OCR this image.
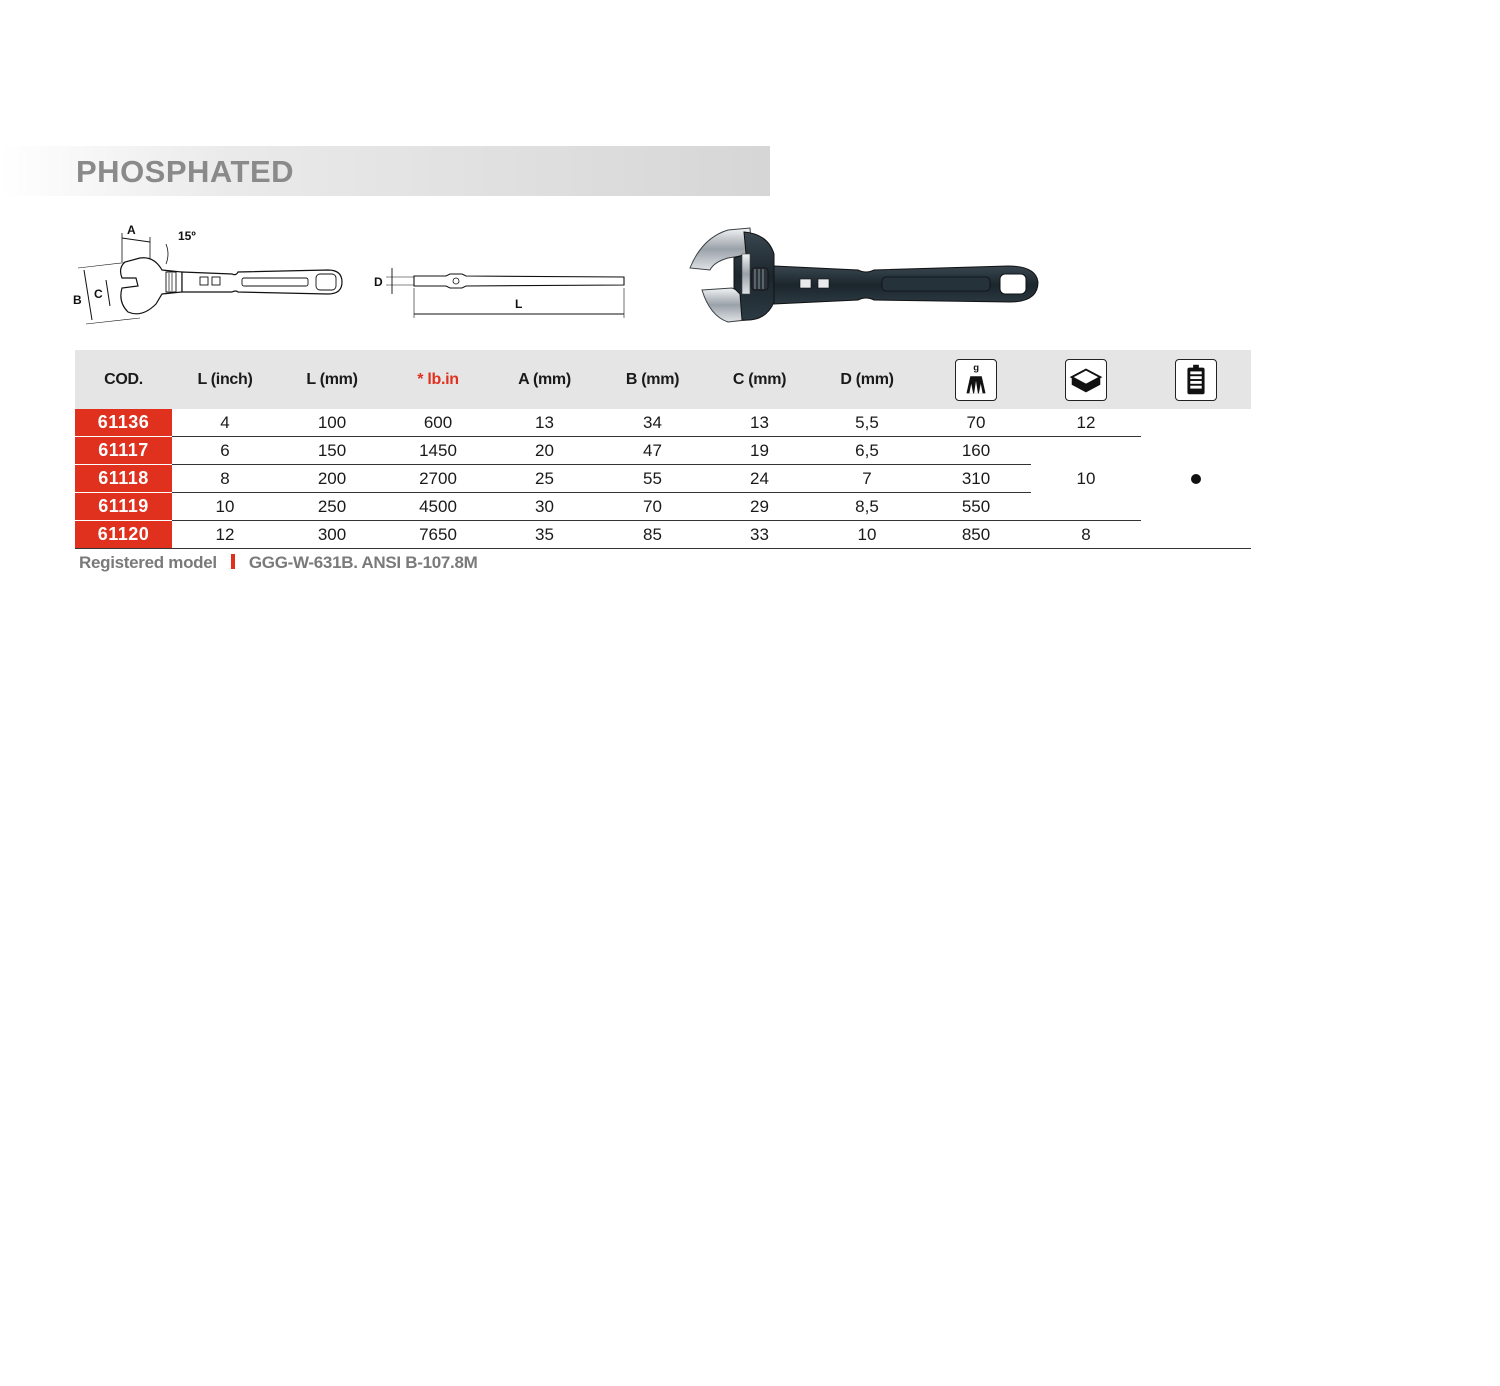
PHOSPHATED
A	15º
B C
D
L
COD.	L (inch)	L (mm)	* lb.in	A (mm)	B (mm)	C (mm)	D (mm)	g

61136	4	100	600	13	34	13	5,5	70	12	
61117	6	150	1450	20	47	19	6,5	160	10	
61118	8	200	2700	25	55	24	7	310		
61119	10	250	4500	30	70	29	8,5	550		
61120	12	300	7650	35	85	33	10	850	8	
Registered model GGG-W-631B. ANSI B-107.8M
